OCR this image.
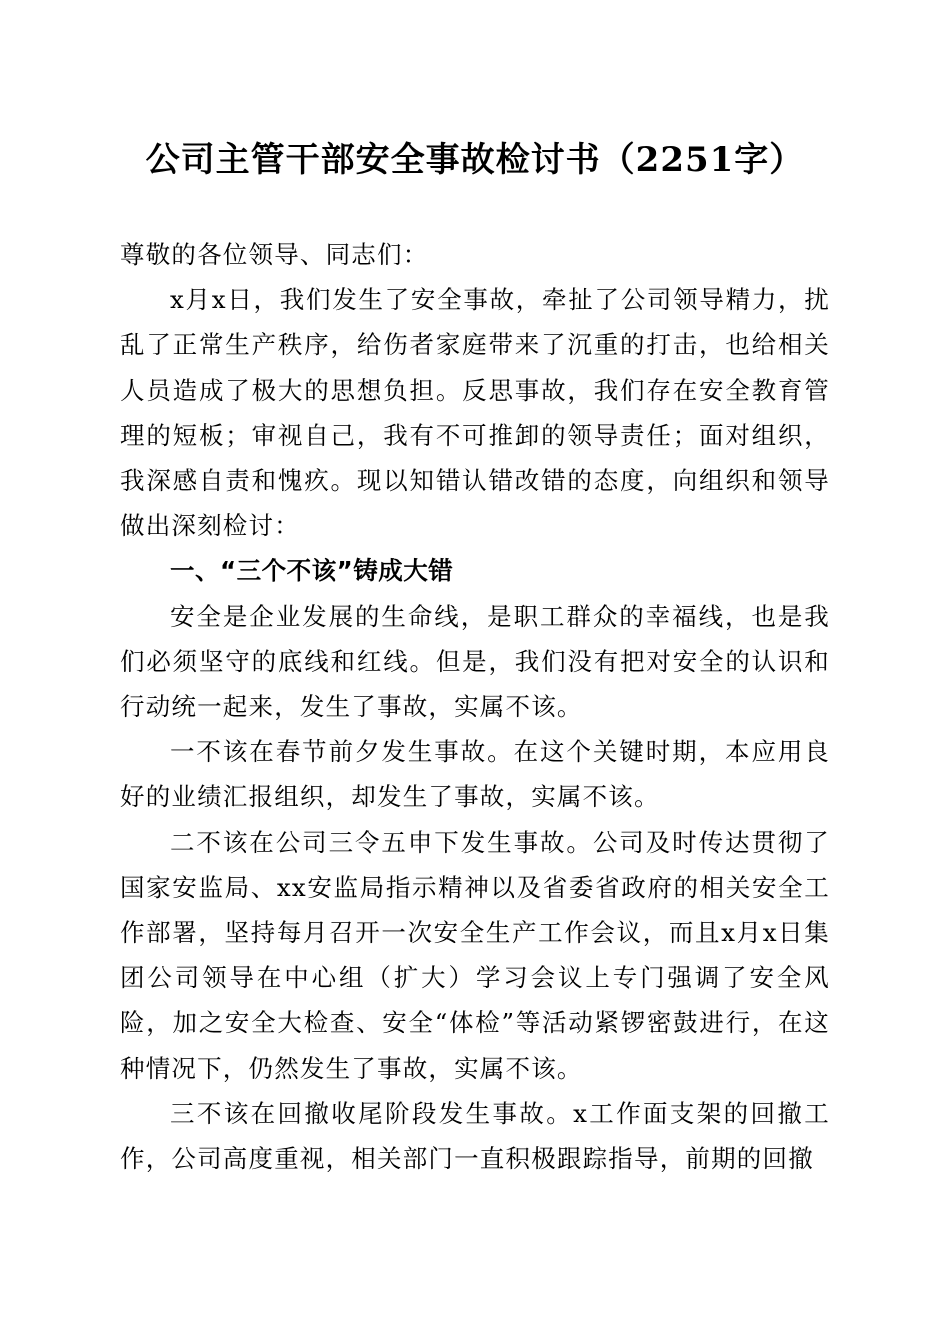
公司主管干部安全事故检讨书（2251字）

尊敬的各位领导、同志们：

x月x日，我们发生了安全事故，牵扯了公司领导精力，扰乱了正常生产秩序，给伤者家庭带来了沉重的打击，也给相关人员造成了极大的思想负担。反思事故，我们存在安全教育管理的短板；审视自己，我有不可推卸的领导责任；面对组织，我深感自责和愧疚。现以知错认错改错的态度，向组织和领导做出深刻检讨：

一、“三个不该”铸成大错

安全是企业发展的生命线，是职工群众的幸福线，也是我们必须坚守的底线和红线。但是，我们没有把对安全的认识和行动统一起来，发生了事故，实属不该。

一不该在春节前夕发生事故。在这个关键时期，本应用良好的业绩汇报组织，却发生了事故，实属不该。

二不该在公司三令五申下发生事故。公司及时传达贯彻了国家安监局、xx安监局指示精神以及省委省政府的相关安全工作部署，坚持每月召开一次安全生产工作会议，而且x月x日集团公司领导在中心组（扩大）学习会议上专门强调了安全风险，加之安全大检查、安全“体检”等活动紧锣密鼓进行，在这种情况下，仍然发生了事故，实属不该。

三不该在回撤收尾阶段发生事故。x工作面支架的回撤工作，公司高度重视，相关部门一直积极跟踪指导，前期的回撤
